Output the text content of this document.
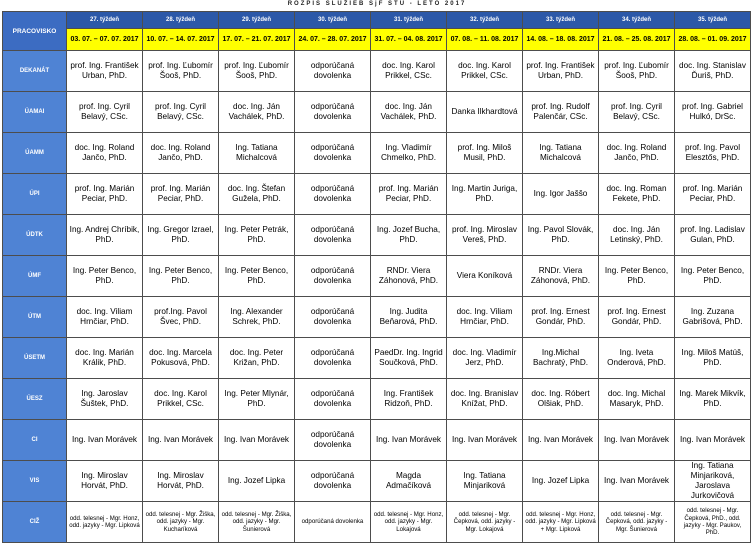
ROZPIS SLUŽIEB SjF STU - LETO 2017
PRACOVISKO	27. týždeň	28. týždeň	29. týždeň	30. týždeň	31. týždeň	32. týždeň	33. týždeň	34. týždeň	35. týždeň
	03. 07. – 07. 07. 2017	10. 07. – 14. 07. 2017	17. 07. – 21. 07. 2017	24. 07. – 28. 07. 2017	31. 07. – 04. 08. 2017	07. 08. – 11. 08. 2017	14. 08. – 18. 08. 2017	21. 08. – 25. 08. 2017	28. 08. – 01. 09. 2017
DEKANÁT	prof. Ing. František Urban, PhD.	prof. Ing. Ľubomír Šooš, PhD.	prof. Ing. Ľubomír Šooš, PhD.	odporúčaná dovolenka	doc. Ing. Karol Prikkel, CSc.	doc. Ing. Karol Prikkel, CSc.	prof. Ing. František Urban, PhD.	prof. Ing. Ľubomír Šooš, PhD.	doc. Ing. Stanislav Ďuriš, PhD.
ÚAMAI	prof. Ing. Cyril Belavý, CSc.	prof. Ing. Cyril Belavý, CSc.	doc. Ing. Ján Vachálek, PhD.	odporúčaná dovolenka	doc. Ing. Ján Vachálek, PhD.	Danka Ilkhardtová	prof. Ing. Rudolf Palenčár, CSc.	prof. Ing. Cyril Belavý, CSc.	prof. Ing. Gabriel Hulkó, DrSc.
ÚAMM	doc. Ing. Roland Jančo, PhD.	doc. Ing. Roland Jančo, PhD.	Ing. Tatiana Michalcová	odporúčaná dovolenka	Ing. Vladimír Chmelko, PhD.	prof. Ing. Miloš Musil, PhD.	Ing. Tatiana Michalcová	doc. Ing. Roland Jančo, PhD.	prof. Ing. Pavol Elesztős, PhD.
ÚPI	prof. Ing. Marián Peciar, PhD.	prof. Ing. Marián Peciar, PhD.	doc. Ing. Štefan Gužela, PhD.	odporúčaná dovolenka	prof. Ing. Marián Peciar, PhD.	Ing. Martin Juriga, PhD.	Ing. Igor Jaššo	doc. Ing. Roman Fekete, PhD.	prof. Ing. Marián Peciar, PhD.
ÚDTK	Ing. Andrej Chríbik, PhD.	Ing. Gregor Izrael, PhD.	Ing. Peter Petrák, PhD.	odporúčaná dovolenka	Ing. Jozef Bucha, PhD.	prof. Ing. Miroslav Vereš, PhD.	Ing. Pavol Slovák, PhD.	doc. Ing. Ján Letinský, PhD.	prof. Ing. Ladislav Gulan, PhD.
ÚMF	Ing. Peter Benco, PhD.	Ing. Peter Benco, PhD.	Ing. Peter Benco, PhD.	odporúčaná dovolenka	RNDr. Viera Záhonová, PhD.	Viera Koníková	RNDr. Viera Záhonová, PhD.	Ing. Peter Benco, PhD.	Ing. Peter Benco, PhD.
ÚTM	doc. Ing. Viliam Hrnčiar, PhD.	prof.Ing. Pavol Švec, PhD.	Ing. Alexander Schrek, PhD.	odporúčaná dovolenka	Ing. Judita Beňarová, PhD.	doc. Ing. Viliam Hrnčiar, PhD.	prof. Ing. Ernest Gondár, PhD.	prof. Ing. Ernest Gondár, PhD.	Ing. Zuzana Gabrišová, PhD.
ÚSETM	doc. Ing. Marián Králik, PhD.	doc. Ing. Marcela Pokusová, PhD.	doc. Ing. Peter Križan, PhD.	odporúčaná dovolenka	PaedDr. Ing. Ingrid Součková, PhD.	doc. Ing. Vladimír Jerz, PhD.	Ing.Michal Bachratý, PhD.	Ing. Iveta Onderová, PhD.	Ing. Miloš Matúš, PhD.
ÚESZ	Ing. Jaroslav Šuštek, PhD.	doc. Ing. Karol Prikkel, CSc.	Ing. Peter Mlynár, PhD.	odporúčaná dovolenka	Ing. František Ridzoň, PhD.	doc. Ing. Branislav Knížat, PhD.	doc. Ing. Róbert Olšiak, PhD.	doc. Ing. Michal Masaryk, PhD.	Ing. Marek Mikvík, PhD.
CI	Ing. Ivan Morávek	Ing. Ivan Morávek	Ing. Ivan Morávek	odporúčaná dovolenka	Ing. Ivan Morávek	Ing. Ivan Morávek	Ing. Ivan Morávek	Ing. Ivan Morávek	Ing. Ivan Morávek
VIS	Ing. Miroslav Horvát, PhD.	Ing. Miroslav Horvát, PhD.	Ing. Jozef Lipka	odporúčaná dovolenka	Magda Admačíková	Ing. Tatiana Minjariková	Ing. Jozef Lipka	Ing. Ivan Morávek	Ing. Tatiana Minjariková, Jaroslava Jurkovičová
CIŽ	odd. telesnej - Mgr. Honz, odd. jazyky - Mgr. Lipková	odd. telesnej - Mgr. Žiška, odd. jazyky - Mgr. Kucharíková	odd. telesnej - Mgr. Žiška, odd. jazyky - Mgr. Šunierová	odporúčaná dovolenka	odd. telesnej - Mgr. Honz, odd. jazyky - Mgr. Lokajová	odd. telesnej - Mgr. Čepková, odd. jazyky - Mgr. Lokajová	odd. telesnej - Mgr. Honz, odd. jazyky - Mgr. Lipková + Mgr. Lipková	odd. telesnej - Mgr. Čepková, odd. jazyky - Mgr. Šunierová	odd. telesnej - Mgr. Čepková, PhD., odd. jazyky - Mgr. Paukov, PhD.
